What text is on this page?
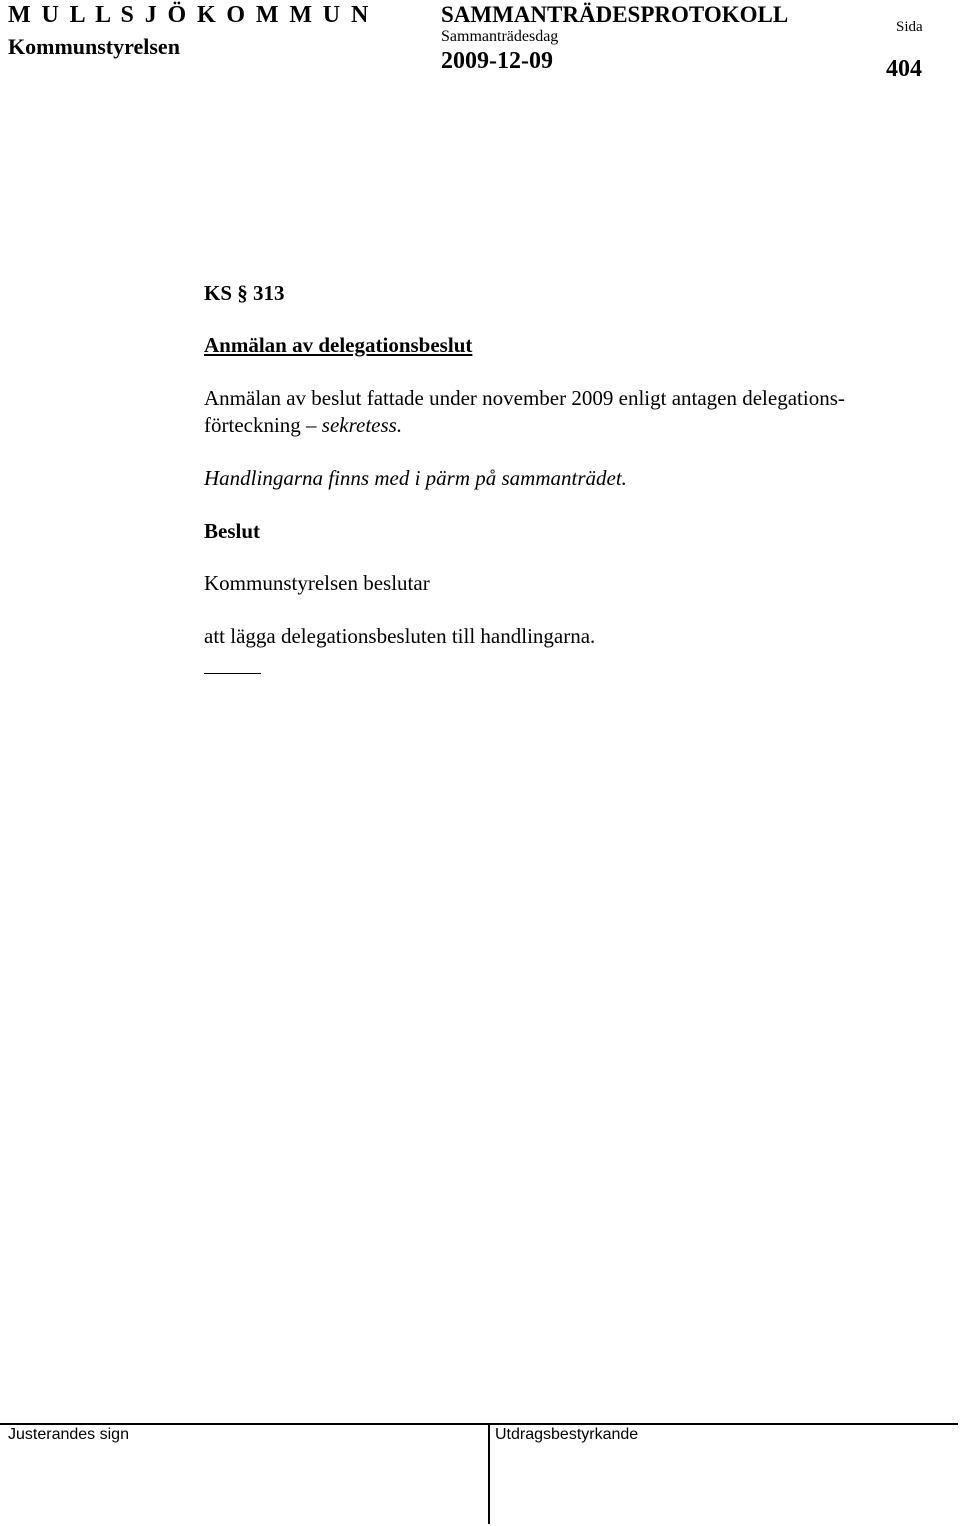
M U L L S J Ö K O M M U N
Kommunstyrelsen
SAMMANTRÄDESPROTOKOLL
Sammanträdesdag
2009-12-09
Sida
404
KS § 313
Anmälan av delegationsbeslut
Anmälan av beslut fattade under november 2009 enligt antagen delegations-
förteckning – sekretess.
Handlingarna finns med i pärm på sammanträdet.
Beslut
Kommunstyrelsen beslutar
att lägga delegationsbesluten till handlingarna.
Justerandes sign	Utdragsbestyrkande
